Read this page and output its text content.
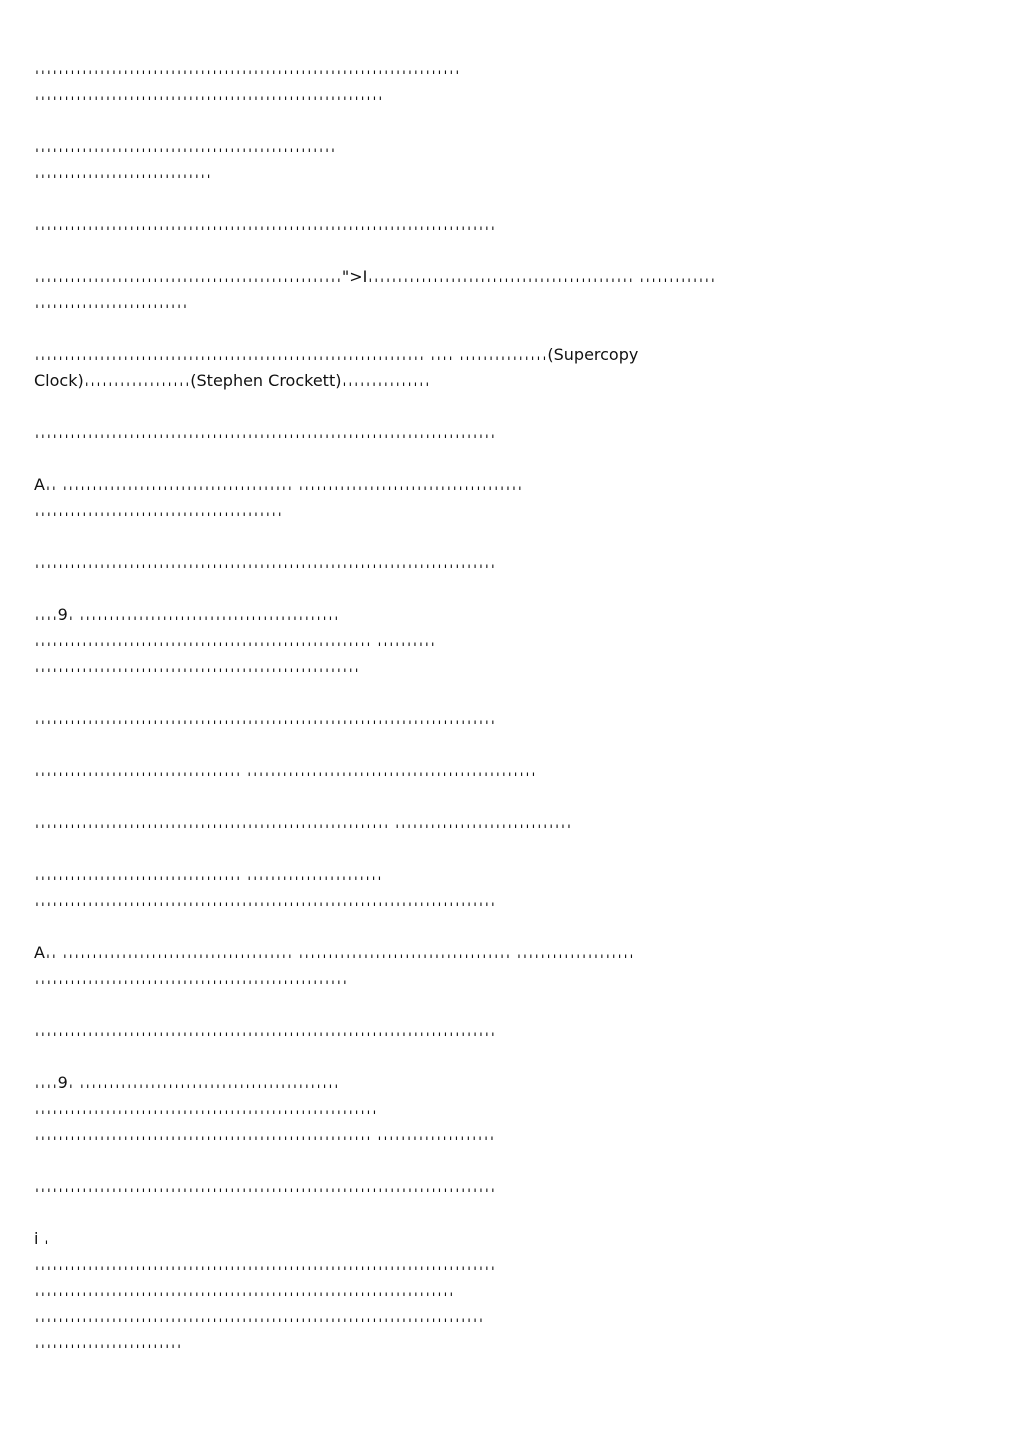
𐄀𐄀𐄀𐄀𐄀𐄀𐄀𐄀𐄀𐄀𐄀𐄀𐄀𐄀𐄀𐄀𐄀𐄀𐄀𐄀𐄀𐄀𐄀𐄀𐄀𐄀𐄀𐄀𐄀𐄀𐄀𐄀𐄀𐄀𐄀𐄀𐄀𐄀𐄀𐄀𐄀𐄀𐄀𐄀𐄀𐄀𐄀𐄀𐄀𐄀𐄀𐄀𐄀𐄀𐄀𐄀𐄀𐄀𐄀𐄀𐄀𐄀𐄀𐄀𐄀𐄀𐄀𐄀𐄀𐄀𐄀𐄀
𐄀𐄀𐄀𐄀𐄀𐄀𐄀𐄀𐄀𐄀𐄀𐄀𐄀𐄀𐄀𐄀𐄀𐄀𐄀𐄀𐄀𐄀𐄀𐄀𐄀𐄀𐄀𐄀𐄀𐄀𐄀𐄀𐄀𐄀𐄀𐄀𐄀𐄀𐄀𐄀𐄀𐄀𐄀𐄀𐄀𐄀𐄀𐄀𐄀𐄀𐄀𐄀𐄀𐄀𐄀𐄀𐄀𐄀𐄀
𐄀𐄀𐄀𐄀𐄀𐄀𐄀𐄀𐄀𐄀𐄀𐄀𐄀𐄀𐄀𐄀𐄀𐄀𐄀𐄀𐄀𐄀𐄀𐄀𐄀𐄀𐄀𐄀𐄀𐄀𐄀𐄀𐄀𐄀𐄀𐄀𐄀𐄀𐄀𐄀𐄀𐄀𐄀𐄀𐄀𐄀𐄀𐄀𐄀𐄀𐄀
𐄀𐄀𐄀𐄀𐄀𐄀𐄀𐄀𐄀𐄀𐄀𐄀𐄀𐄀𐄀𐄀𐄀𐄀𐄀𐄀𐄀𐄀𐄀𐄀𐄀𐄀𐄀𐄀𐄀𐄀
𐄀𐄀𐄀𐄀𐄀𐄀𐄀𐄀𐄀𐄀𐄀𐄀𐄀𐄀𐄀𐄀𐄀𐄀𐄀𐄀𐄀𐄀𐄀𐄀𐄀𐄀𐄀𐄀𐄀𐄀𐄀𐄀𐄀𐄀𐄀𐄀𐄀𐄀𐄀𐄀𐄀𐄀𐄀𐄀𐄀𐄀𐄀𐄀𐄀𐄀𐄀𐄀𐄀𐄀𐄀𐄀𐄀𐄀𐄀𐄀𐄀𐄀𐄀𐄀𐄀𐄀𐄀𐄀𐄀𐄀𐄀𐄀𐄀𐄀𐄀𐄀𐄀𐄀
𐄀𐄀𐄀𐄀𐄀𐄀𐄀𐄀𐄀𐄀𐄀𐄀𐄀𐄀𐄀𐄀𐄀𐄀𐄀𐄀𐄀𐄀𐄀𐄀𐄀𐄀𐄀𐄀𐄀𐄀𐄀𐄀𐄀𐄀𐄀𐄀𐄀𐄀𐄀𐄀𐄀𐄀𐄀𐄀𐄀𐄀𐄀𐄀𐄀𐄀𐄀𐄀">I𐄀𐄀𐄀𐄀𐄀𐄀𐄀𐄀𐄀𐄀𐄀𐄀𐄀𐄀𐄀𐄀𐄀𐄀𐄀𐄀𐄀𐄀𐄀𐄀𐄀𐄀𐄀𐄀𐄀𐄀𐄀𐄀𐄀𐄀𐄀𐄀𐄀𐄀𐄀𐄀𐄀𐄀𐄀𐄀𐄀 𐄀𐄀𐄀𐄀𐄀𐄀𐄀𐄀𐄀𐄀𐄀𐄀𐄀
𐄀𐄀𐄀𐄀𐄀𐄀𐄀𐄀𐄀𐄀𐄀𐄀𐄀𐄀𐄀𐄀𐄀𐄀𐄀𐄀𐄀𐄀𐄀𐄀𐄀𐄀
𐄀𐄀𐄀𐄀𐄀𐄀𐄀𐄀𐄀𐄀𐄀𐄀𐄀𐄀𐄀𐄀𐄀𐄀𐄀𐄀𐄀𐄀𐄀𐄀𐄀𐄀𐄀𐄀𐄀𐄀𐄀𐄀𐄀𐄀𐄀𐄀𐄀𐄀𐄀𐄀𐄀𐄀𐄀𐄀𐄀𐄀𐄀𐄀𐄀𐄀𐄀𐄀𐄀𐄀𐄀𐄀𐄀𐄀𐄀𐄀𐄀𐄀𐄀𐄀𐄀𐄀 𐄀𐄀𐄀𐄀 𐄀𐄀𐄀𐄀𐄀𐄀𐄀𐄀𐄀𐄀𐄀𐄀𐄀𐄀𐄀(Supercopy
Clock)𐄀𐄀𐄀𐄀𐄀𐄀𐄀𐄀𐄀𐄀𐄀𐄀𐄀𐄀𐄀𐄀𐄀𐄀(Stephen Crockett)𐄀𐄀𐄀𐄀𐄀𐄀𐄀𐄀𐄀𐄀𐄀𐄀𐄀𐄀𐄀
𐄀𐄀𐄀𐄀𐄀𐄀𐄀𐄀𐄀𐄀𐄀𐄀𐄀𐄀𐄀𐄀𐄀𐄀𐄀𐄀𐄀𐄀𐄀𐄀𐄀𐄀𐄀𐄀𐄀𐄀𐄀𐄀𐄀𐄀𐄀𐄀𐄀𐄀𐄀𐄀𐄀𐄀𐄀𐄀𐄀𐄀𐄀𐄀𐄀𐄀𐄀𐄀𐄀𐄀𐄀𐄀𐄀𐄀𐄀𐄀𐄀𐄀𐄀𐄀𐄀𐄀𐄀𐄀𐄀𐄀𐄀𐄀𐄀𐄀𐄀𐄀𐄀𐄀
A𐄀𐄀 𐄀𐄀𐄀𐄀𐄀𐄀𐄀𐄀𐄀𐄀𐄀𐄀𐄀𐄀𐄀𐄀𐄀𐄀𐄀𐄀𐄀𐄀𐄀𐄀𐄀𐄀𐄀𐄀𐄀𐄀𐄀𐄀𐄀𐄀𐄀𐄀𐄀𐄀𐄀 𐄀𐄀𐄀𐄀𐄀𐄀𐄀𐄀𐄀𐄀𐄀𐄀𐄀𐄀𐄀𐄀𐄀𐄀𐄀𐄀𐄀𐄀𐄀𐄀𐄀𐄀𐄀𐄀𐄀𐄀𐄀𐄀𐄀𐄀𐄀𐄀𐄀𐄀
𐄀𐄀𐄀𐄀𐄀𐄀𐄀𐄀𐄀𐄀𐄀𐄀𐄀𐄀𐄀𐄀𐄀𐄀𐄀𐄀𐄀𐄀𐄀𐄀𐄀𐄀𐄀𐄀𐄀𐄀𐄀𐄀𐄀𐄀𐄀𐄀𐄀𐄀𐄀𐄀𐄀𐄀
𐄀𐄀𐄀𐄀𐄀𐄀𐄀𐄀𐄀𐄀𐄀𐄀𐄀𐄀𐄀𐄀𐄀𐄀𐄀𐄀𐄀𐄀𐄀𐄀𐄀𐄀𐄀𐄀𐄀𐄀𐄀𐄀𐄀𐄀𐄀𐄀𐄀𐄀𐄀𐄀𐄀𐄀𐄀𐄀𐄀𐄀𐄀𐄀𐄀𐄀𐄀𐄀𐄀𐄀𐄀𐄀𐄀𐄀𐄀𐄀𐄀𐄀𐄀𐄀𐄀𐄀𐄀𐄀𐄀𐄀𐄀𐄀𐄀𐄀𐄀𐄀𐄀𐄀
𐄀𐄀𐄀𐄀9𐄀 𐄀𐄀𐄀𐄀𐄀𐄀𐄀𐄀𐄀𐄀𐄀𐄀𐄀𐄀𐄀𐄀𐄀𐄀𐄀𐄀𐄀𐄀𐄀𐄀𐄀𐄀𐄀𐄀𐄀𐄀𐄀𐄀𐄀𐄀𐄀𐄀𐄀𐄀𐄀𐄀𐄀𐄀𐄀𐄀
𐄀𐄀𐄀𐄀𐄀𐄀𐄀𐄀𐄀𐄀𐄀𐄀𐄀𐄀𐄀𐄀𐄀𐄀𐄀𐄀𐄀𐄀𐄀𐄀𐄀𐄀𐄀𐄀𐄀𐄀𐄀𐄀𐄀𐄀𐄀𐄀𐄀𐄀𐄀𐄀𐄀𐄀𐄀𐄀𐄀𐄀𐄀𐄀𐄀𐄀𐄀𐄀𐄀𐄀𐄀𐄀𐄀 𐄀𐄀𐄀𐄀𐄀𐄀𐄀𐄀𐄀𐄀
𐄀𐄀𐄀𐄀𐄀𐄀𐄀𐄀𐄀𐄀𐄀𐄀𐄀𐄀𐄀𐄀𐄀𐄀𐄀𐄀𐄀𐄀𐄀𐄀𐄀𐄀𐄀𐄀𐄀𐄀𐄀𐄀𐄀𐄀𐄀𐄀𐄀𐄀𐄀𐄀𐄀𐄀𐄀𐄀𐄀𐄀𐄀𐄀𐄀𐄀𐄀𐄀𐄀𐄀𐄀
𐄀𐄀𐄀𐄀𐄀𐄀𐄀𐄀𐄀𐄀𐄀𐄀𐄀𐄀𐄀𐄀𐄀𐄀𐄀𐄀𐄀𐄀𐄀𐄀𐄀𐄀𐄀𐄀𐄀𐄀𐄀𐄀𐄀𐄀𐄀𐄀𐄀𐄀𐄀𐄀𐄀𐄀𐄀𐄀𐄀𐄀𐄀𐄀𐄀𐄀𐄀𐄀𐄀𐄀𐄀𐄀𐄀𐄀𐄀𐄀𐄀𐄀𐄀𐄀𐄀𐄀𐄀𐄀𐄀𐄀𐄀𐄀𐄀𐄀𐄀𐄀𐄀𐄀
𐄀𐄀𐄀𐄀𐄀𐄀𐄀𐄀𐄀𐄀𐄀𐄀𐄀𐄀𐄀𐄀𐄀𐄀𐄀𐄀𐄀𐄀𐄀𐄀𐄀𐄀𐄀𐄀𐄀𐄀𐄀𐄀𐄀𐄀𐄀 𐄀𐄀𐄀𐄀𐄀𐄀𐄀𐄀𐄀𐄀𐄀𐄀𐄀𐄀𐄀𐄀𐄀𐄀𐄀𐄀𐄀𐄀𐄀𐄀𐄀𐄀𐄀𐄀𐄀𐄀𐄀𐄀𐄀𐄀𐄀𐄀𐄀𐄀𐄀𐄀𐄀𐄀𐄀𐄀𐄀𐄀𐄀𐄀𐄀
𐄀𐄀𐄀𐄀𐄀𐄀𐄀𐄀𐄀𐄀𐄀𐄀𐄀𐄀𐄀𐄀𐄀𐄀𐄀𐄀𐄀𐄀𐄀𐄀𐄀𐄀𐄀𐄀𐄀𐄀𐄀𐄀𐄀𐄀𐄀𐄀𐄀𐄀𐄀𐄀𐄀𐄀𐄀𐄀𐄀𐄀𐄀𐄀𐄀𐄀𐄀𐄀𐄀𐄀𐄀𐄀𐄀𐄀𐄀𐄀 𐄀𐄀𐄀𐄀𐄀𐄀𐄀𐄀𐄀𐄀𐄀𐄀𐄀𐄀𐄀𐄀𐄀𐄀𐄀𐄀𐄀𐄀𐄀𐄀𐄀𐄀𐄀𐄀𐄀𐄀
𐄀𐄀𐄀𐄀𐄀𐄀𐄀𐄀𐄀𐄀𐄀𐄀𐄀𐄀𐄀𐄀𐄀𐄀𐄀𐄀𐄀𐄀𐄀𐄀𐄀𐄀𐄀𐄀𐄀𐄀𐄀𐄀𐄀𐄀𐄀 𐄀𐄀𐄀𐄀𐄀𐄀𐄀𐄀𐄀𐄀𐄀𐄀𐄀𐄀𐄀𐄀𐄀𐄀𐄀𐄀𐄀𐄀𐄀
𐄀𐄀𐄀𐄀𐄀𐄀𐄀𐄀𐄀𐄀𐄀𐄀𐄀𐄀𐄀𐄀𐄀𐄀𐄀𐄀𐄀𐄀𐄀𐄀𐄀𐄀𐄀𐄀𐄀𐄀𐄀𐄀𐄀𐄀𐄀𐄀𐄀𐄀𐄀𐄀𐄀𐄀𐄀𐄀𐄀𐄀𐄀𐄀𐄀𐄀𐄀𐄀𐄀𐄀𐄀𐄀𐄀𐄀𐄀𐄀𐄀𐄀𐄀𐄀𐄀𐄀𐄀𐄀𐄀𐄀𐄀𐄀𐄀𐄀𐄀𐄀𐄀𐄀
A𐄀𐄀 𐄀𐄀𐄀𐄀𐄀𐄀𐄀𐄀𐄀𐄀𐄀𐄀𐄀𐄀𐄀𐄀𐄀𐄀𐄀𐄀𐄀𐄀𐄀𐄀𐄀𐄀𐄀𐄀𐄀𐄀𐄀𐄀𐄀𐄀𐄀𐄀𐄀𐄀𐄀 𐄀𐄀𐄀𐄀𐄀𐄀𐄀𐄀𐄀𐄀𐄀𐄀𐄀𐄀𐄀𐄀𐄀𐄀𐄀𐄀𐄀𐄀𐄀𐄀𐄀𐄀𐄀𐄀𐄀𐄀𐄀𐄀𐄀𐄀𐄀𐄀 𐄀𐄀𐄀𐄀𐄀𐄀𐄀𐄀𐄀𐄀𐄀𐄀𐄀𐄀𐄀𐄀𐄀𐄀𐄀𐄀
𐄀𐄀𐄀𐄀𐄀𐄀𐄀𐄀𐄀𐄀𐄀𐄀𐄀𐄀𐄀𐄀𐄀𐄀𐄀𐄀𐄀𐄀𐄀𐄀𐄀𐄀𐄀𐄀𐄀𐄀𐄀𐄀𐄀𐄀𐄀𐄀𐄀𐄀𐄀𐄀𐄀𐄀𐄀𐄀𐄀𐄀𐄀𐄀𐄀𐄀𐄀𐄀𐄀
𐄀𐄀𐄀𐄀𐄀𐄀𐄀𐄀𐄀𐄀𐄀𐄀𐄀𐄀𐄀𐄀𐄀𐄀𐄀𐄀𐄀𐄀𐄀𐄀𐄀𐄀𐄀𐄀𐄀𐄀𐄀𐄀𐄀𐄀𐄀𐄀𐄀𐄀𐄀𐄀𐄀𐄀𐄀𐄀𐄀𐄀𐄀𐄀𐄀𐄀𐄀𐄀𐄀𐄀𐄀𐄀𐄀𐄀𐄀𐄀𐄀𐄀𐄀𐄀𐄀𐄀𐄀𐄀𐄀𐄀𐄀𐄀𐄀𐄀𐄀𐄀𐄀𐄀
𐄀𐄀𐄀𐄀9𐄀 𐄀𐄀𐄀𐄀𐄀𐄀𐄀𐄀𐄀𐄀𐄀𐄀𐄀𐄀𐄀𐄀𐄀𐄀𐄀𐄀𐄀𐄀𐄀𐄀𐄀𐄀𐄀𐄀𐄀𐄀𐄀𐄀𐄀𐄀𐄀𐄀𐄀𐄀𐄀𐄀𐄀𐄀𐄀𐄀
𐄀𐄀𐄀𐄀𐄀𐄀𐄀𐄀𐄀𐄀𐄀𐄀𐄀𐄀𐄀𐄀𐄀𐄀𐄀𐄀𐄀𐄀𐄀𐄀𐄀𐄀𐄀𐄀𐄀𐄀𐄀𐄀𐄀𐄀𐄀𐄀𐄀𐄀𐄀𐄀𐄀𐄀𐄀𐄀𐄀𐄀𐄀𐄀𐄀𐄀𐄀𐄀𐄀𐄀𐄀𐄀𐄀𐄀
𐄀𐄀𐄀𐄀𐄀𐄀𐄀𐄀𐄀𐄀𐄀𐄀𐄀𐄀𐄀𐄀𐄀𐄀𐄀𐄀𐄀𐄀𐄀𐄀𐄀𐄀𐄀𐄀𐄀𐄀𐄀𐄀𐄀𐄀𐄀𐄀𐄀𐄀𐄀𐄀𐄀𐄀𐄀𐄀𐄀𐄀𐄀𐄀𐄀𐄀𐄀𐄀𐄀𐄀𐄀𐄀𐄀 𐄀𐄀𐄀𐄀𐄀𐄀𐄀𐄀𐄀𐄀𐄀𐄀𐄀𐄀𐄀𐄀𐄀𐄀𐄀𐄀
𐄀𐄀𐄀𐄀𐄀𐄀𐄀𐄀𐄀𐄀𐄀𐄀𐄀𐄀𐄀𐄀𐄀𐄀𐄀𐄀𐄀𐄀𐄀𐄀𐄀𐄀𐄀𐄀𐄀𐄀𐄀𐄀𐄀𐄀𐄀𐄀𐄀𐄀𐄀𐄀𐄀𐄀𐄀𐄀𐄀𐄀𐄀𐄀𐄀𐄀𐄀𐄀𐄀𐄀𐄀𐄀𐄀𐄀𐄀𐄀𐄀𐄀𐄀𐄀𐄀𐄀𐄀𐄀𐄀𐄀𐄀𐄀𐄀𐄀𐄀𐄀𐄀𐄀
i 𐄀
𐄀𐄀𐄀𐄀𐄀𐄀𐄀𐄀𐄀𐄀𐄀𐄀𐄀𐄀𐄀𐄀𐄀𐄀𐄀𐄀𐄀𐄀𐄀𐄀𐄀𐄀𐄀𐄀𐄀𐄀𐄀𐄀𐄀𐄀𐄀𐄀𐄀𐄀𐄀𐄀𐄀𐄀𐄀𐄀𐄀𐄀𐄀𐄀𐄀𐄀𐄀𐄀𐄀𐄀𐄀𐄀𐄀𐄀𐄀𐄀𐄀𐄀𐄀𐄀𐄀𐄀𐄀𐄀𐄀𐄀𐄀𐄀𐄀𐄀𐄀𐄀𐄀𐄀
𐄀𐄀𐄀𐄀𐄀𐄀𐄀𐄀𐄀𐄀𐄀𐄀𐄀𐄀𐄀𐄀𐄀𐄀𐄀𐄀𐄀𐄀𐄀𐄀𐄀𐄀𐄀𐄀𐄀𐄀𐄀𐄀𐄀𐄀𐄀𐄀𐄀𐄀𐄀𐄀𐄀𐄀𐄀𐄀𐄀𐄀𐄀𐄀𐄀𐄀𐄀𐄀𐄀𐄀𐄀𐄀𐄀𐄀𐄀𐄀𐄀𐄀𐄀𐄀𐄀𐄀𐄀𐄀𐄀𐄀𐄀
𐄀𐄀𐄀𐄀𐄀𐄀𐄀𐄀𐄀𐄀𐄀𐄀𐄀𐄀𐄀𐄀𐄀𐄀𐄀𐄀𐄀𐄀𐄀𐄀𐄀𐄀𐄀𐄀𐄀𐄀𐄀𐄀𐄀𐄀𐄀𐄀𐄀𐄀𐄀𐄀𐄀𐄀𐄀𐄀𐄀𐄀𐄀𐄀𐄀𐄀𐄀𐄀𐄀𐄀𐄀𐄀𐄀𐄀𐄀𐄀𐄀𐄀𐄀𐄀𐄀𐄀𐄀𐄀𐄀𐄀𐄀𐄀𐄀𐄀𐄀𐄀
𐄀𐄀𐄀𐄀𐄀𐄀𐄀𐄀𐄀𐄀𐄀𐄀𐄀𐄀𐄀𐄀𐄀𐄀𐄀𐄀𐄀𐄀𐄀𐄀𐄀
